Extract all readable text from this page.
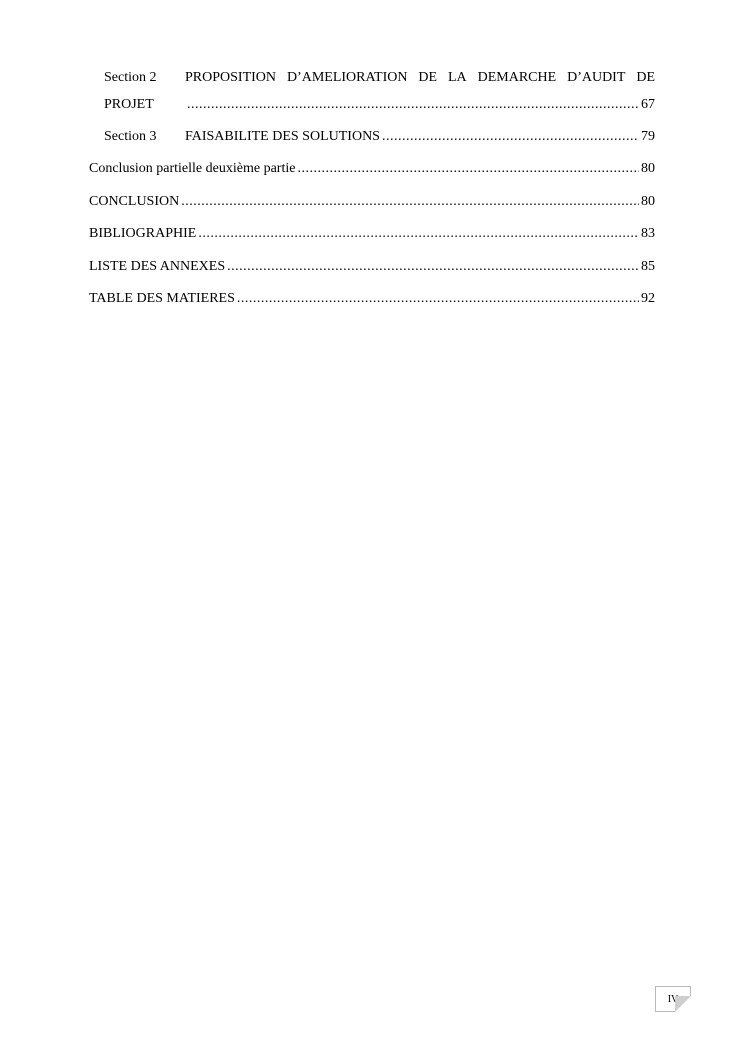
Section 2	PROPOSITION D’AMELIORATION DE LA DEMARCHE D’AUDIT DE
PROJET .....	67
Section 3	FAISABILITE DES SOLUTIONS .....	79
Conclusion partielle deuxième partie .....	80
CONCLUSION .....	80
BIBLIOGRAPHIE .....	83
LISTE DES ANNEXES .....	85
TABLE DES MATIERES .....	92
IV
